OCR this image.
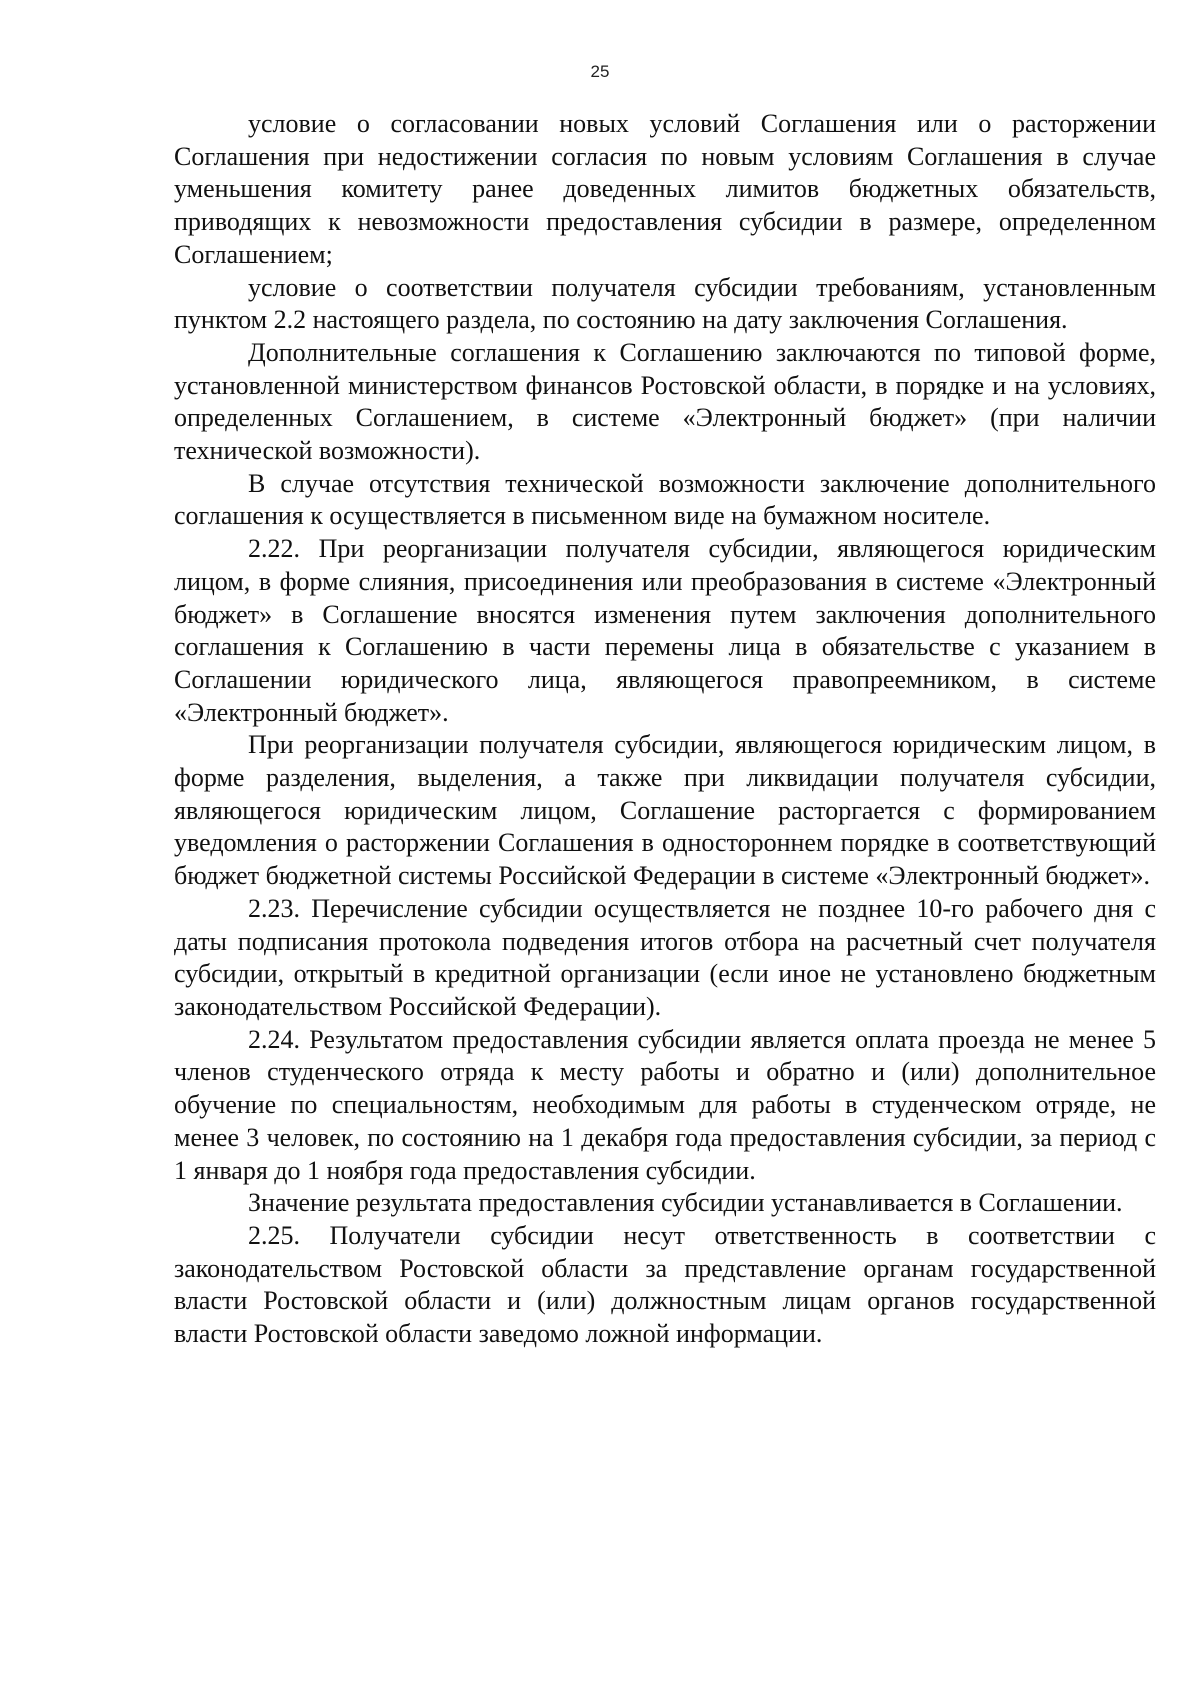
25

условие о согласовании новых условий Соглашения или о расторжении Соглашения при недостижении согласия по новым условиям Соглашения в случае уменьшения комитету ранее доведенных лимитов бюджетных обязательств, приводящих к невозможности предоставления субсидии в размере, определенном Соглашением;

условие о соответствии получателя субсидии требованиям, установленным пунктом 2.2 настоящего раздела, по состоянию на дату заключения Соглашения.

Дополнительные соглашения к Соглашению заключаются по типовой форме, установленной министерством финансов Ростовской области, в порядке и на условиях, определенных Соглашением, в системе «Электронный бюджет» (при наличии технической возможности).

В случае отсутствия технической возможности заключение дополнительного соглашения к осуществляется в письменном виде на бумажном носителе.

2.22. При реорганизации получателя субсидии, являющегося юридическим лицом, в форме слияния, присоединения или преобразования в системе «Электронный бюджет» в Соглашение вносятся изменения путем заключения дополнительного соглашения к Соглашению в части перемены лица в обязательстве с указанием в Соглашении юридического лица, являющегося правопреемником, в системе «Электронный бюджет».

При реорганизации получателя субсидии, являющегося юридическим лицом, в форме разделения, выделения, а также при ликвидации получателя субсидии, являющегося юридическим лицом, Соглашение расторгается с формированием уведомления о расторжении Соглашения в одностороннем порядке в соответствующий бюджет бюджетной системы Российской Федерации в системе «Электронный бюджет».

2.23. Перечисление субсидии осуществляется не позднее 10-го рабочего дня с даты подписания протокола подведения итогов отбора на расчетный счет получателя субсидии, открытый в кредитной организации (если иное не установлено бюджетным законодательством Российской Федерации).

2.24. Результатом предоставления субсидии является оплата проезда не менее 5 членов студенческого отряда к месту работы и обратно и (или) дополнительное обучение по специальностям, необходимым для работы в студенческом отряде, не менее 3 человек, по состоянию на 1 декабря года предоставления субсидии, за период с 1 января до 1 ноября года предоставления субсидии.

Значение результата предоставления субсидии устанавливается в Соглашении.

2.25. Получатели субсидии несут ответственность в соответствии с законодательством Ростовской области за представление органам государственной власти Ростовской области и (или) должностным лицам органов государственной власти Ростовской области заведомо ложной информации.
